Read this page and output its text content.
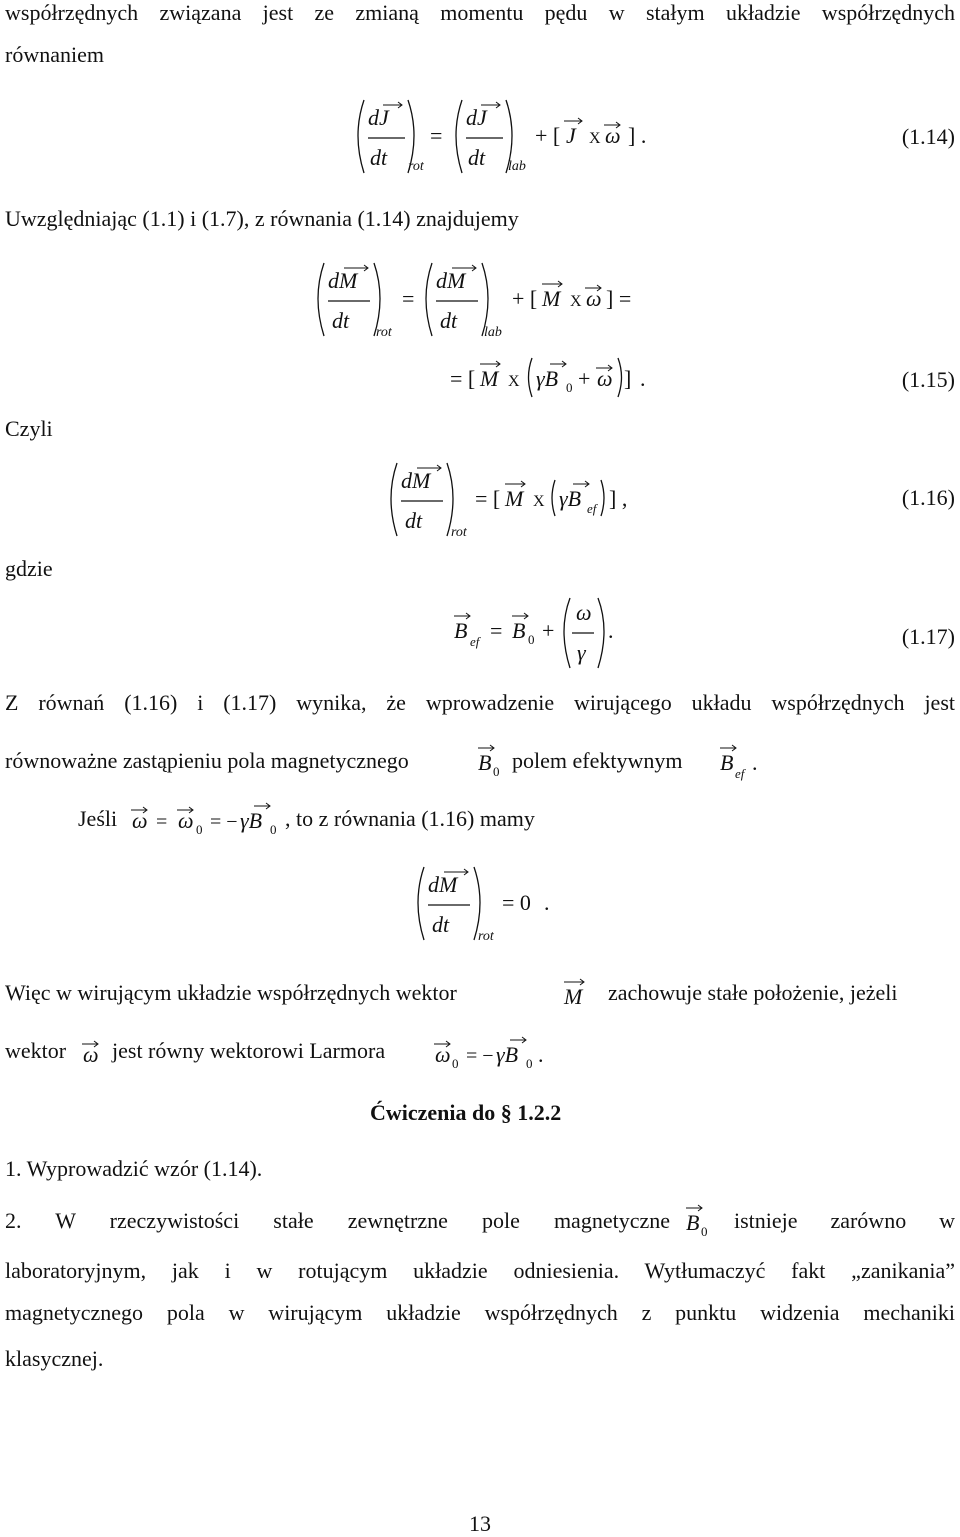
współrzędnych związana jest ze zmianą momentu pędu w stałym układzie współrzędnych
równaniem
dJ
dt rot
=
dJ
dt lab
+ [ J X ω ] .	(1.14)
Uwzględniając (1.1) i (1.7), z równania (1.14) znajdujemy
dM
dt rot
=
dM
dt lab
+ [ M X ω ] =
= [ M X γB 0 + ω ] .	(1.15)
Czyli
dM
dt rot
= [ M X γB ef ] ,	(1.16)
gdzie
B ef = B 0 +
ω
γ
.	(1.17)
Z równań (1.16) i (1.17) wynika, że wprowadzenie wirującego układu współrzędnych jest
równoważne zastąpieniu pola magnetycznego	B 0 polem efektywnym B ef .
Jeśli ω = ω 0 = − γB 0 , to z równania (1.16) mamy
dM
dt rot
= 0 .
Więc w wirującym układzie współrzędnych wektor	M zachowuje stałe położenie, jeżeli
wektor ω jest równy wektorowi Larmora ω 0 = − γB 0 .
Ćwiczenia do § 1.2.2
1. Wyprowadzić wzór (1.14).
2. W rzeczywistości stałe zewnętrzne pole magnetyczne B 0 istnieje zarówno w
laboratoryjnym, jak i w rotującym układzie odniesienia. Wytłumaczyć fakt „zanikania”
magnetycznego pola w wirującym układzie współrzędnych z punktu widzenia mechaniki
klasycznej.
13
